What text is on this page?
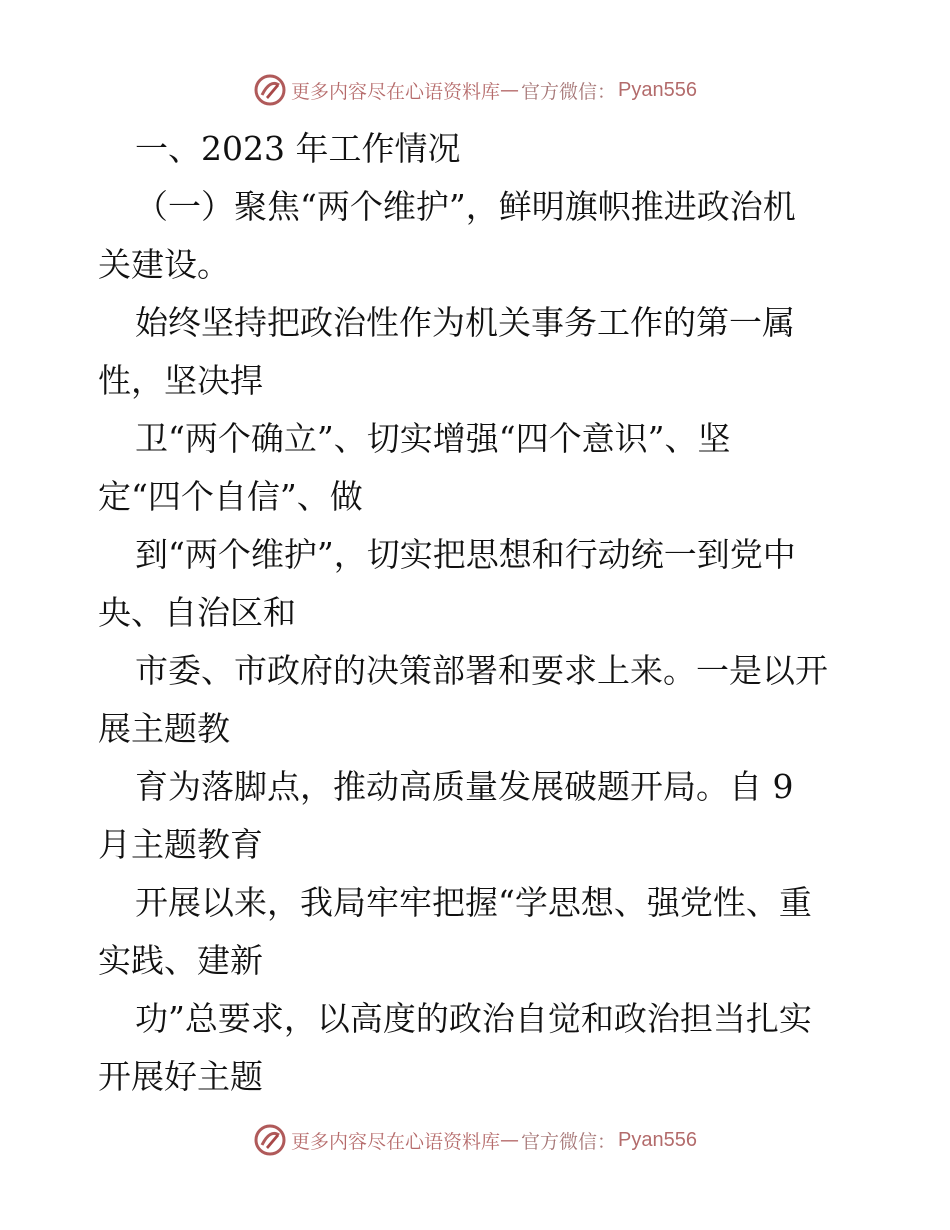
更多内容尽在心语资料库 — 官方微信： Pyan556
一、2023 年工作情况
（一）聚焦“两个维护”，鲜明旗帜推进政治机
关建设。
始终坚持把政治性作为机关事务工作的第一属
性，坚决捍
卫“两个确立”、切实增强“四个意识”、坚
定“四个自信”、做
到“两个维护”，切实把思想和行动统一到党中
央、自治区和
市委、市政府的决策部署和要求上来。一是以开
展主题教
育为落脚点，推动高质量发展破题开局。自 9
月主题教育
开展以来，我局牢牢把握“学思想、强党性、重
实践、建新
功”总要求，以高度的政治自觉和政治担当扎实
开展好主题
更多内容尽在心语资料库 — 官方微信： Pyan556
